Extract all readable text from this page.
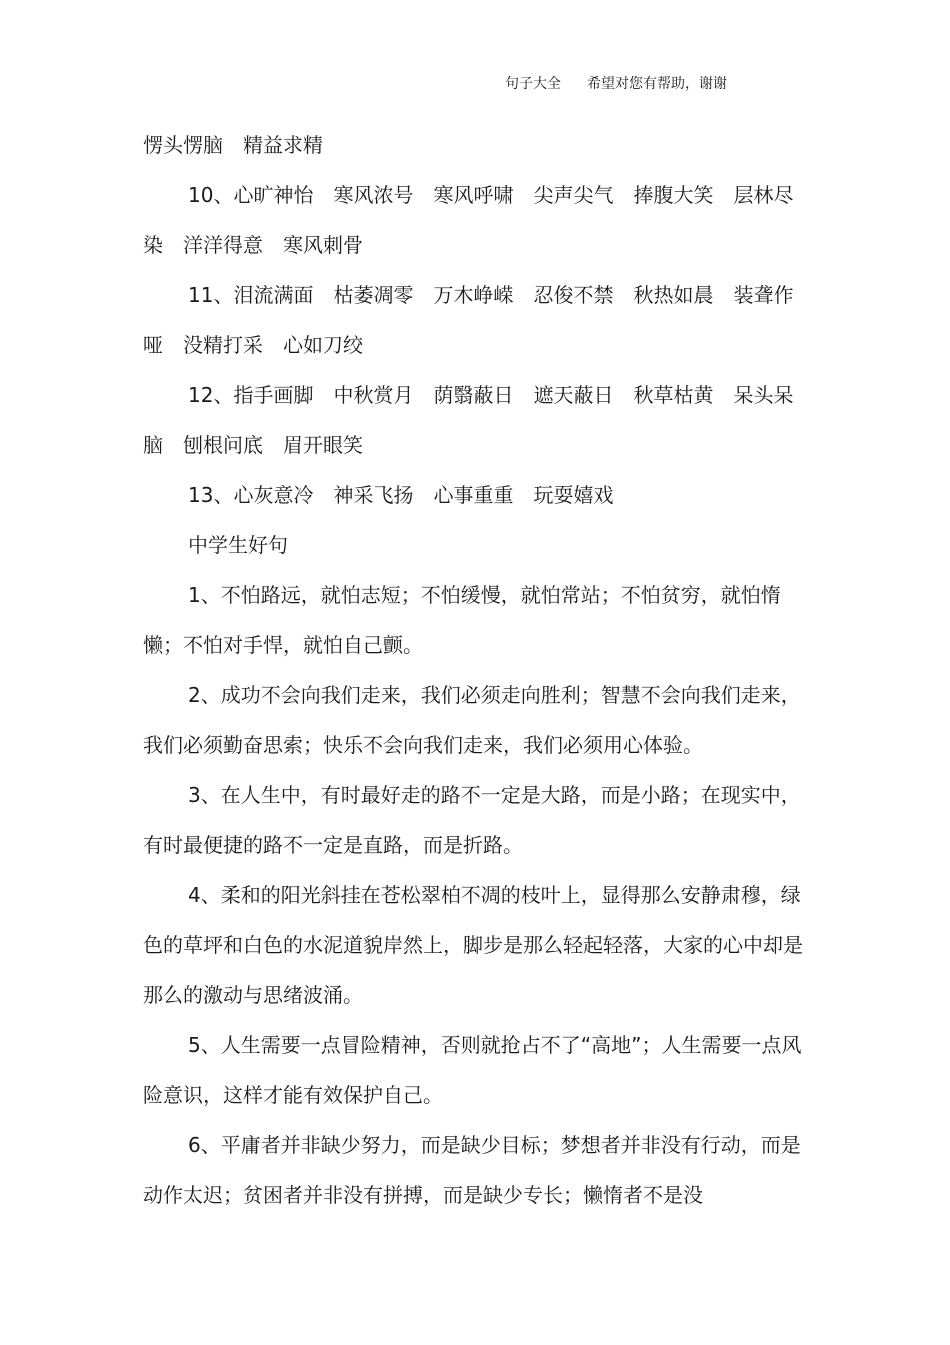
句子大全 希望对您有帮助，谢谢

愣头愣脑　精益求精

10、心旷神怡　寒风浓号　寒风呼啸　尖声尖气　捧腹大笑　层林尽染　洋洋得意　寒风刺骨

11、泪流满面　枯萎凋零　万木峥嵘　忍俊不禁　秋热如晨　装聋作哑　没精打采　心如刀绞

12、指手画脚　中秋赏月　荫翳蔽日　遮天蔽日　秋草枯黄　呆头呆脑　刨根问底　眉开眼笑

13、心灰意冷　神采飞扬　心事重重　玩耍嬉戏

中学生好句

1、不怕路远，就怕志短；不怕缓慢，就怕常站；不怕贫穷，就怕惰懒；不怕对手悍，就怕自己颤。

2、成功不会向我们走来，我们必须走向胜利；智慧不会向我们走来，我们必须勤奋思索；快乐不会向我们走来，我们必须用心体验。

3、在人生中，有时最好走的路不一定是大路，而是小路；在现实中，有时最便捷的路不一定是直路，而是折路。

4、柔和的阳光斜挂在苍松翠柏不凋的枝叶上，显得那么安静肃穆，绿色的草坪和白色的水泥道貌岸然上，脚步是那么轻起轻落，大家的心中却是那么的激动与思绪波涌。

5、人生需要一点冒险精神，否则就抢占不了“高地”；人生需要一点风险意识，这样才能有效保护自己。

6、平庸者并非缺少努力，而是缺少目标；梦想者并非没有行动，而是动作太迟；贫困者并非没有拼搏，而是缺少专长；懒惰者不是没
